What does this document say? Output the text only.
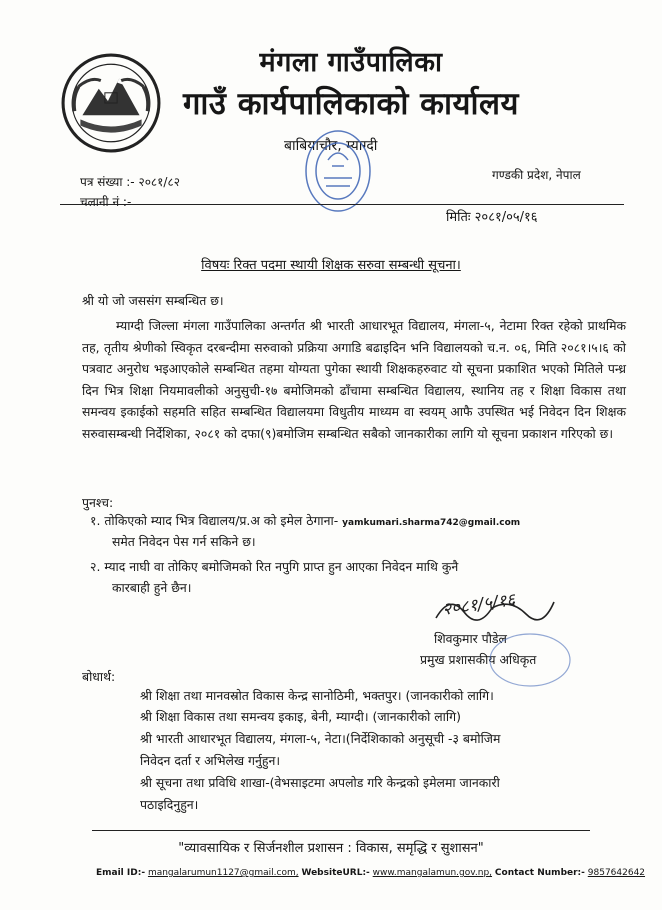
मंगला गाउँपालिका
गाउँ कार्यपालिकाको कार्यालय
बाबियाचौर, म्याग्दी
पत्र संख्या :- २०८१/८२
चलानी नं :-
गण्डकी प्रदेश, नेपाल
मितिः २०८१/०५/१६
विषयः रिक्त पदमा स्थायी शिक्षक सरुवा सम्बन्धी सूचना।
श्री यो जो जससंग सम्बन्धित छ।

म्याग्दी जिल्ला मंगला गाउँपालिका अन्तर्गत श्री भारती आधारभूत विद्यालय, मंगला-५, नेटामा रिक्त रहेको प्राथमिक तह, तृतीय श्रेणीको स्विकृत दरबन्दीमा सरुवाको प्रक्रिया अगाडि बढाइदिन भनि विद्यालयको च.न. ०६, मिति २०८१।५।६ को पत्रवाट अनुरोध भइआएकोले सम्बन्धित तहमा योग्यता पुगेका स्थायी शिक्षकहरुवाट यो सूचना प्रकाशित भएको मितिले पन्ध्र दिन भित्र शिक्षा नियमावलीको अनुसुची-१७ बमोजिमको ढाँचामा सम्बन्धित विद्यालय, स्थानिय तह र शिक्षा विकास तथा समन्वय इकाईको सहमति सहित सम्बन्धित विद्यालयमा विधुतीय माध्यम वा स्वयम् आफै उपस्थित भई निवेदन दिन शिक्षक सरुवासम्बन्धी निर्देशिका, २०८१ को दफा(९)बमोजिम सम्बन्धित सबैको जानकारीका लागि यो सूचना प्रकाशन गरिएको छ।

पुनश्च:
१. तोकिएको म्याद भित्र विद्यालय/प्र.अ को इमेल ठेगाना- yamkumari.sharma742@gmail.com
समेत निवेदन पेस गर्न सकिने छ।
२. म्याद नाघी वा तोकिए बमोजिमको रित नपुगि प्राप्त हुन आएका निवेदन माथि कुनै
कारबाही हुने छैन।
२०८१/५/१६
शिवकुमार पौडेल
प्रमुख प्रशासकीय अधिकृत
बोधार्थ:
श्री शिक्षा तथा मानवस्रोत विकास केन्द्र सानोठिमी, भक्तपुर। (जानकारीको लागि।
श्री शिक्षा विकास तथा समन्वय इकाइ, बेनी, म्याग्दी। (जानकारीको लागि)
श्री भारती आधारभूत विद्यालय, मंगला-५, नेटा।(निर्देशिकाको अनुसूची -३ बमोजिम
निवेदन दर्ता र अभिलेख गर्नुहुन।
श्री सूचना तथा प्रविधि शाखा-(वेभसाइटमा अपलोड गरि केन्द्रको इमेलमा जानकारी
पठाइदिनुहुन।
"व्यावसायिक र सिर्जनशील प्रशासन : विकास, समृद्धि र सुशासन"
Email ID:- mangalarumun1127@gmail.com, WebsiteURL:- www.mangalamun.gov.np, Contact Number:- 9857642642
